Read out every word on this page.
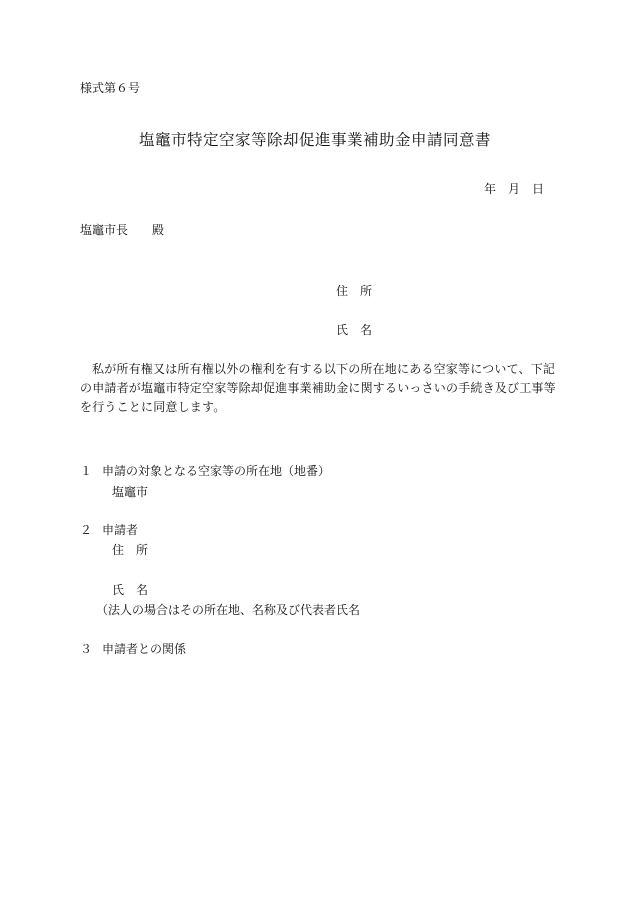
様式第６号
塩竈市特定空家等除却促進事業補助金申請同意書
年　月　日
塩竈市長　　殿
住　所
氏　名
私が所有権又は所有権以外の権利を有する以下の所在地にある空家等について、下記の申請者が塩竈市特定空家等除却促進事業補助金に関するいっさいの手続き及び工事等を行うことに同意します。
１ 申請の対象となる空家等の所在地（地番）
塩竈市
２ 申請者
住　所
氏　名
（法人の場合はその所在地、名称及び代表者氏名
３ 申請者との関係
